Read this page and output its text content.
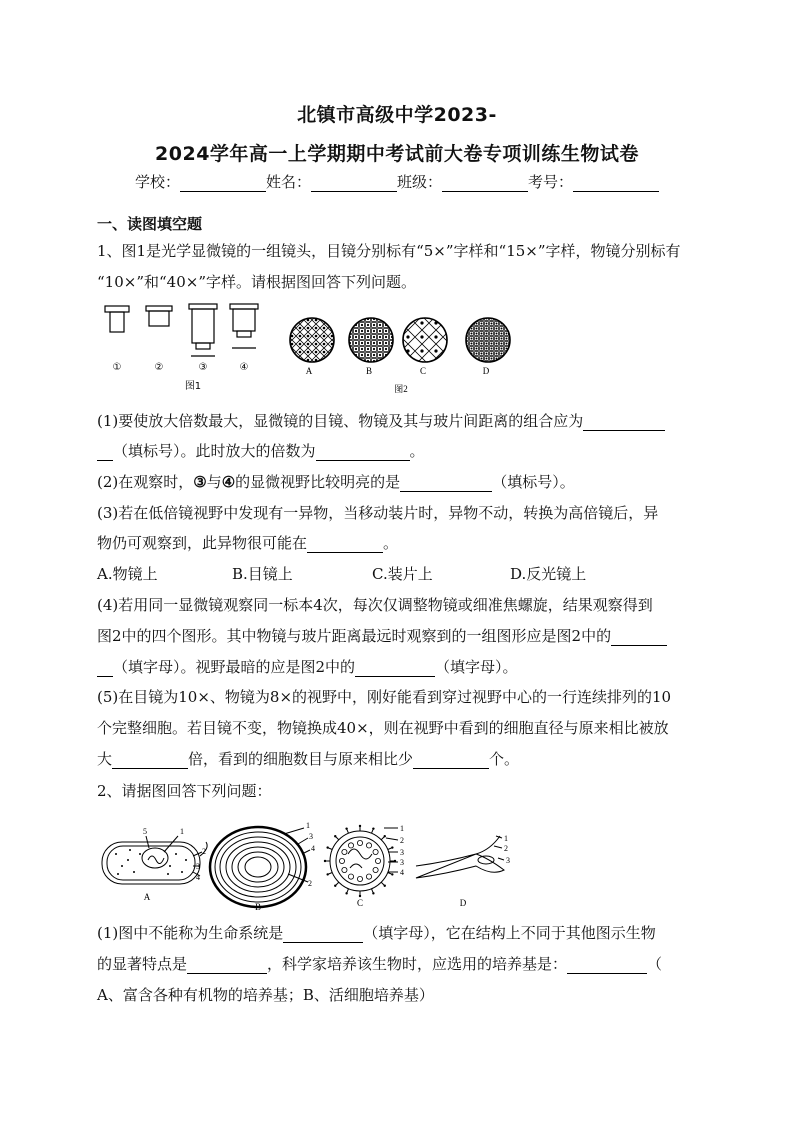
北镇市高级中学2023-
2024学年高一上学期期中考试前大卷专项训练生物试卷
学校：	姓名：	班级：	考号：
一、读图填空题
1、图1是光学显微镜的一组镜头，目镜分别标有“5×”字样和“15×”字样，物镜分别标有
“10×”和“40×”字样。请根据图回答下列问题。
①	②	③	④
图1
A	B	C	D
图2
(1)要使放大倍数最大，显微镜的目镜、物镜及其与玻片间距离的组合应为
（填标号）。此时放大的倍数为	。
(2)在观察时，③与④的显微视野比较明亮的是	（填标号）。
(3)若在低倍镜视野中发现有一异物，当移动装片时，异物不动，转换为高倍镜后，异
物仍可观察到，此异物很可能在	。
A.物镜上	B.目镜上	C.装片上	D.反光镜上
(4)若用同一显微镜观察同一标本4次，每次仅调整物镜或细准焦螺旋，结果观察得到
图2中的四个图形。其中物镜与玻片距离最远时观察到的一组图形应是图2中的
（填字母）。视野最暗的应是图2中的	（填字母）。
(5)在目镜为10×、物镜为8×的视野中，刚好能看到穿过视野中心的一行连续排列的10
个完整细胞。若目镜不变，物镜换成40×，则在视野中看到的细胞直径与原来相比被放
大	倍，看到的细胞数目与原来相比少	个。
2、请据图回答下列问题：
5	1
2
3
4
1
3
4
2
1
2
3
3
4
1
2
3
A
B	C	D
(1)图中不能称为生命系统是	（填字母），它在结构上不同于其他图示生物
的显著特点是	，科学家培养该生物时，应选用的培养基是：	（
A、富含各种有机物的培养基；B、活细胞培养基）
